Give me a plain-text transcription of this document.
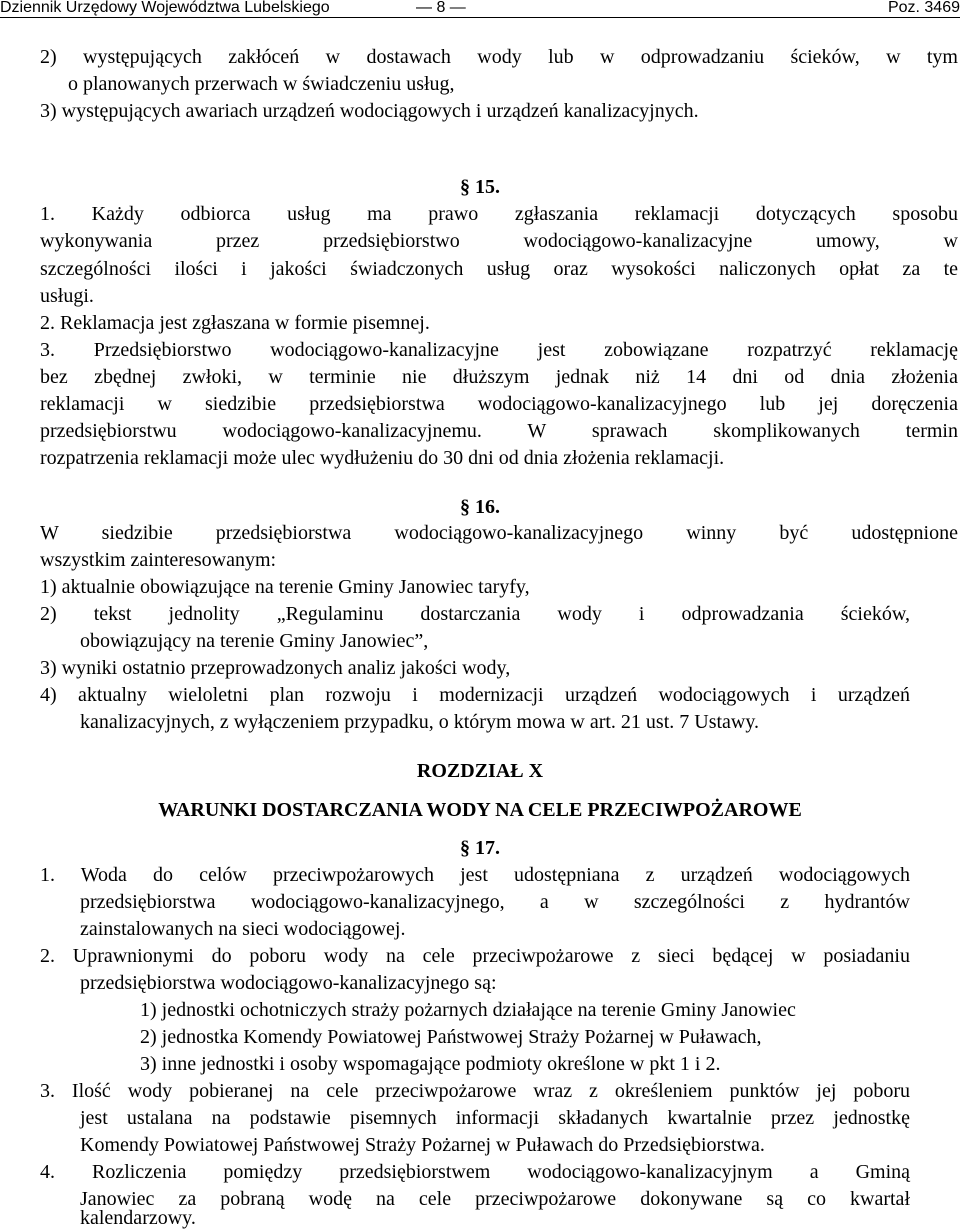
Dziennik Urzędowy Województwa Lubelskiego	— 8 —	Poz. 3469
2) występujących zakłóceń w dostawach wody lub w odprowadzaniu ścieków, w tym
o planowanych przerwach w świadczeniu usług,
3) występujących awariach urządzeń wodociągowych i urządzeń kanalizacyjnych.
§ 15.
1. Każdy odbiorca usług ma prawo zgłaszania reklamacji dotyczących sposobu
wykonywania przez przedsiębiorstwo wodociągowo-kanalizacyjne umowy, w
szczególności ilości i jakości świadczonych usług oraz wysokości naliczonych opłat za te
usługi.
2. Reklamacja jest zgłaszana w formie pisemnej.
3. Przedsiębiorstwo wodociągowo-kanalizacyjne jest zobowiązane rozpatrzyć reklamację
bez zbędnej zwłoki, w terminie nie dłuższym jednak niż 14 dni od dnia złożenia
reklamacji w siedzibie przedsiębiorstwa wodociągowo-kanalizacyjnego lub jej doręczenia
przedsiębiorstwu wodociągowo-kanalizacyjnemu. W sprawach skomplikowanych termin
rozpatrzenia reklamacji może ulec wydłużeniu do 30 dni od dnia złożenia reklamacji.
§ 16.
W siedzibie przedsiębiorstwa wodociągowo-kanalizacyjnego winny być udostępnione
wszystkim zainteresowanym:
1) aktualnie obowiązujące na terenie Gminy Janowiec taryfy,
2) tekst jednolity „Regulaminu dostarczania wody i odprowadzania ścieków,
obowiązujący na terenie Gminy Janowiec”,
3) wyniki ostatnio przeprowadzonych analiz jakości wody,
4) aktualny wieloletni plan rozwoju i modernizacji urządzeń wodociągowych i urządzeń
kanalizacyjnych, z wyłączeniem przypadku, o którym mowa w art. 21 ust. 7 Ustawy.
ROZDZIAŁ X
WARUNKI DOSTARCZANIA WODY NA CELE PRZECIWPOŻAROWE
§ 17.
1. Woda do celów przeciwpożarowych jest udostępniana z urządzeń wodociągowych
przedsiębiorstwa wodociągowo-kanalizacyjnego, a w szczególności z hydrantów
zainstalowanych na sieci wodociągowej.
2. Uprawnionymi do poboru wody na cele przeciwpożarowe z sieci będącej w posiadaniu
przedsiębiorstwa wodociągowo-kanalizacyjnego są:
1) jednostki ochotniczych straży pożarnych działające na terenie Gminy Janowiec
2) jednostka Komendy Powiatowej Państwowej Straży Pożarnej w Puławach,
3) inne jednostki i osoby wspomagające podmioty określone w pkt 1 i 2.
3. Ilość wody pobieranej na cele przeciwpożarowe wraz z określeniem punktów jej poboru
jest ustalana na podstawie pisemnych informacji składanych kwartalnie przez jednostkę
Komendy Powiatowej Państwowej Straży Pożarnej w Puławach do Przedsiębiorstwa.
4. Rozliczenia pomiędzy przedsiębiorstwem wodociągowo-kanalizacyjnym a Gminą
Janowiec za pobraną wodę na cele przeciwpożarowe dokonywane są co kwartał
kalendarzowy.
